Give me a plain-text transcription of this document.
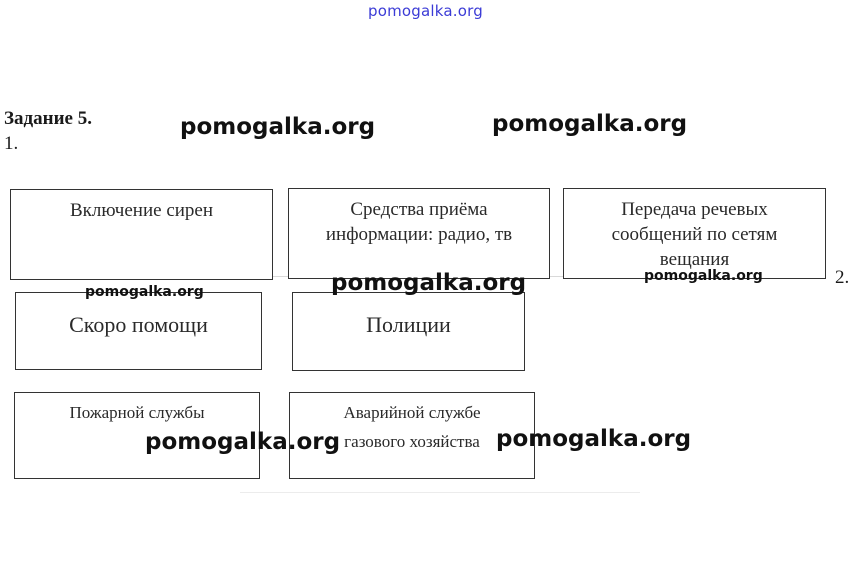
pomogalka.org
Задание 5.
1.
2.
Включение сирен	Средства приёма
информации: радио, тв
Передача речевых
сообщений по сетям
вещания
Скоро помощи	Полиции
Пожарной службы	Аварийной службе
газового хозяйства
pomogalka.org	pomogalka.org
pomogalka.org	pomogalka.org
pomogalka.org
pomogalka.org	pomogalka.org
